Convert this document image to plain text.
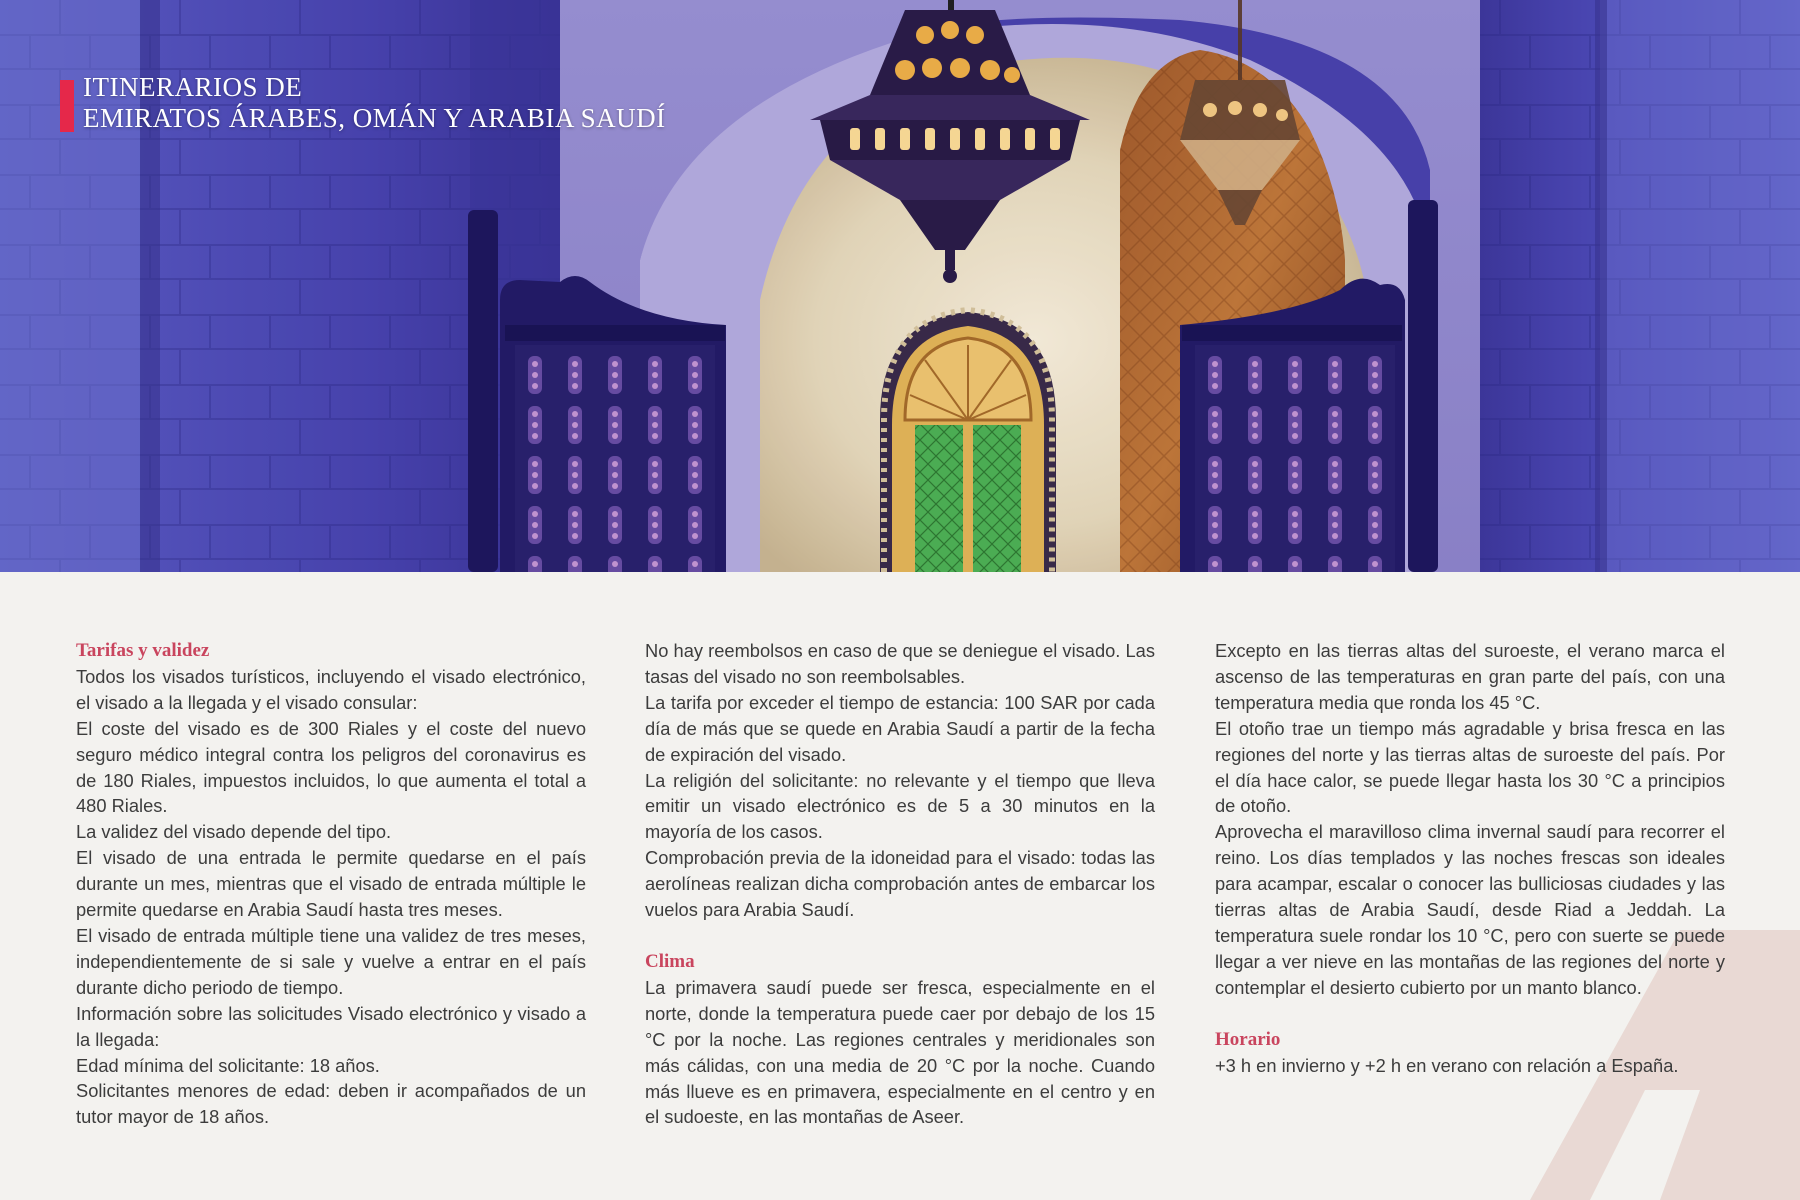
ITINERARIOS DE
EMIRATOS ÁRABES, OMÁN Y ARABIA SAUDÍ
Tarifas y validez

Todos los visados turísticos, incluyendo el visado electrónico, el visado a la llegada y el visado consular:

El coste del visado es de 300 Riales y el coste del nuevo seguro médico integral contra los peligros del coronavirus es de 180 Riales, impuestos incluidos, lo que aumenta el total a 480 Riales.

La validez del visado depende del tipo.

El visado de una entrada le permite quedarse en el país durante un mes, mientras que el visado de entrada múltiple le permite quedarse en Arabia Saudí hasta tres meses.

El visado de entrada múltiple tiene una validez de tres meses, independientemente de si sale y vuelve a entrar en el país durante dicho periodo de tiempo.

Información sobre las solicitudes Visado electrónico y visado a la llegada:

Edad mínima del solicitante: 18 años.

Solicitantes menores de edad: deben ir acompañados de un tutor mayor de 18 años.

No hay reembolsos en caso de que se deniegue el visado. Las tasas del visado no son reembolsables.

La tarifa por exceder el tiempo de estancia: 100 SAR por cada día de más que se quede en Arabia Saudí a partir de la fecha de expiración del visado.

La religión del solicitante: no relevante y el tiempo que lleva emitir un visado electrónico es de 5 a 30 minutos en la mayoría de los casos.

Comprobación previa de la idoneidad para el visado: todas las aerolíneas realizan dicha comprobación antes de embarcar los vuelos para Arabia Saudí.

Clima

La primavera saudí puede ser fresca, especialmente en el norte, donde la temperatura puede caer por debajo de los 15 °C por la noche. Las regiones centrales y meridionales son más cálidas, con una media de 20 °C por la noche. Cuando más llueve es en primavera, especialmente en el centro y en el sudoeste, en las montañas de Aseer.

Excepto en las tierras altas del suroeste, el verano marca el ascenso de las temperaturas en gran parte del país, con una temperatura media que ronda los 45 °C.

El otoño trae un tiempo más agradable y brisa fresca en las regiones del norte y las tierras altas de suroeste del país. Por el día hace calor, se puede llegar hasta los 30 °C a principios de otoño.

Aprovecha el maravilloso clima invernal saudí para recorrer el reino. Los días templados y las noches frescas son ideales para acampar, escalar o conocer las bulliciosas ciudades y las tierras altas de Arabia Saudí, desde Riad a Jeddah. La temperatura suele rondar los 10 °C, pero con suerte se puede llegar a ver nieve en las montañas de las regiones del norte y contemplar el desierto cubierto por un manto blanco.

Horario

+3 h en invierno y +2 h en verano con relación a España.
